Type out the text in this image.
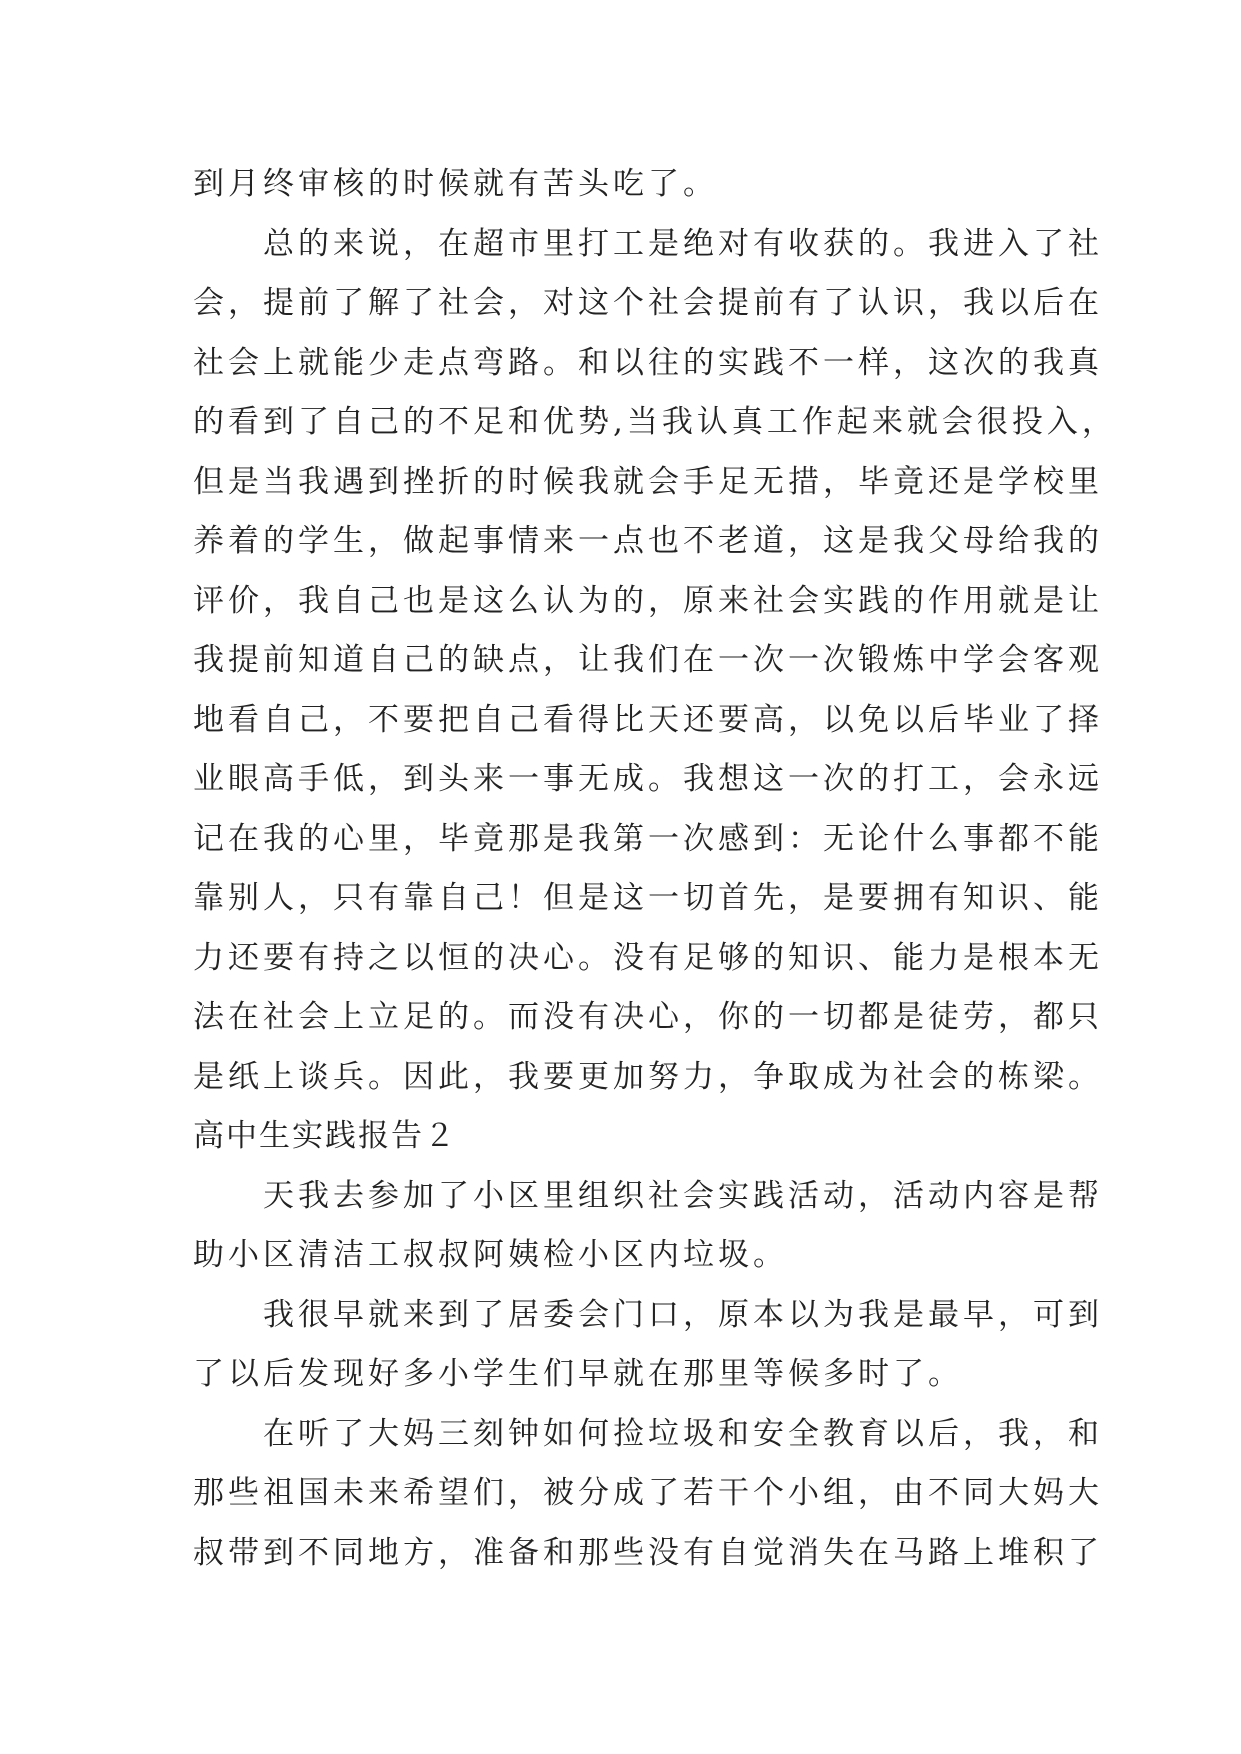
到月终审核的时候就有苦头吃了。
　　总的来说，在超市里打工是绝对有收获的。我进入了社
会，提前了解了社会，对这个社会提前有了认识，我以后在
社会上就能少走点弯路。和以往的实践不一样，这次的我真
的看到了自己的不足和优势,当我认真工作起来就会很投入，
但是当我遇到挫折的时候我就会手足无措，毕竟还是学校里
养着的学生，做起事情来一点也不老道，这是我父母给我的
评价，我自己也是这么认为的，原来社会实践的作用就是让
我提前知道自己的缺点，让我们在一次一次锻炼中学会客观
地看自己，不要把自己看得比天还要高，以免以后毕业了择
业眼高手低，到头来一事无成。我想这一次的打工，会永远
记在我的心里，毕竟那是我第一次感到：无论什么事都不能
靠别人，只有靠自己！但是这一切首先，是要拥有知识、能
力还要有持之以恒的决心。没有足够的知识、能力是根本无
法在社会上立足的。而没有决心，你的一切都是徒劳，都只
是纸上谈兵。因此，我要更加努力，争取成为社会的栋梁。
高中生实践报告２
　　天我去参加了小区里组织社会实践活动，活动内容是帮
助小区清洁工叔叔阿姨检小区内垃圾。
　　我很早就来到了居委会门口，原本以为我是最早，可到
了以后发现好多小学生们早就在那里等候多时了。
　　在听了大妈三刻钟如何捡垃圾和安全教育以后，我，和
那些祖国未来希望们，被分成了若干个小组，由不同大妈大
叔带到不同地方，准备和那些没有自觉消失在马路上堆积了
